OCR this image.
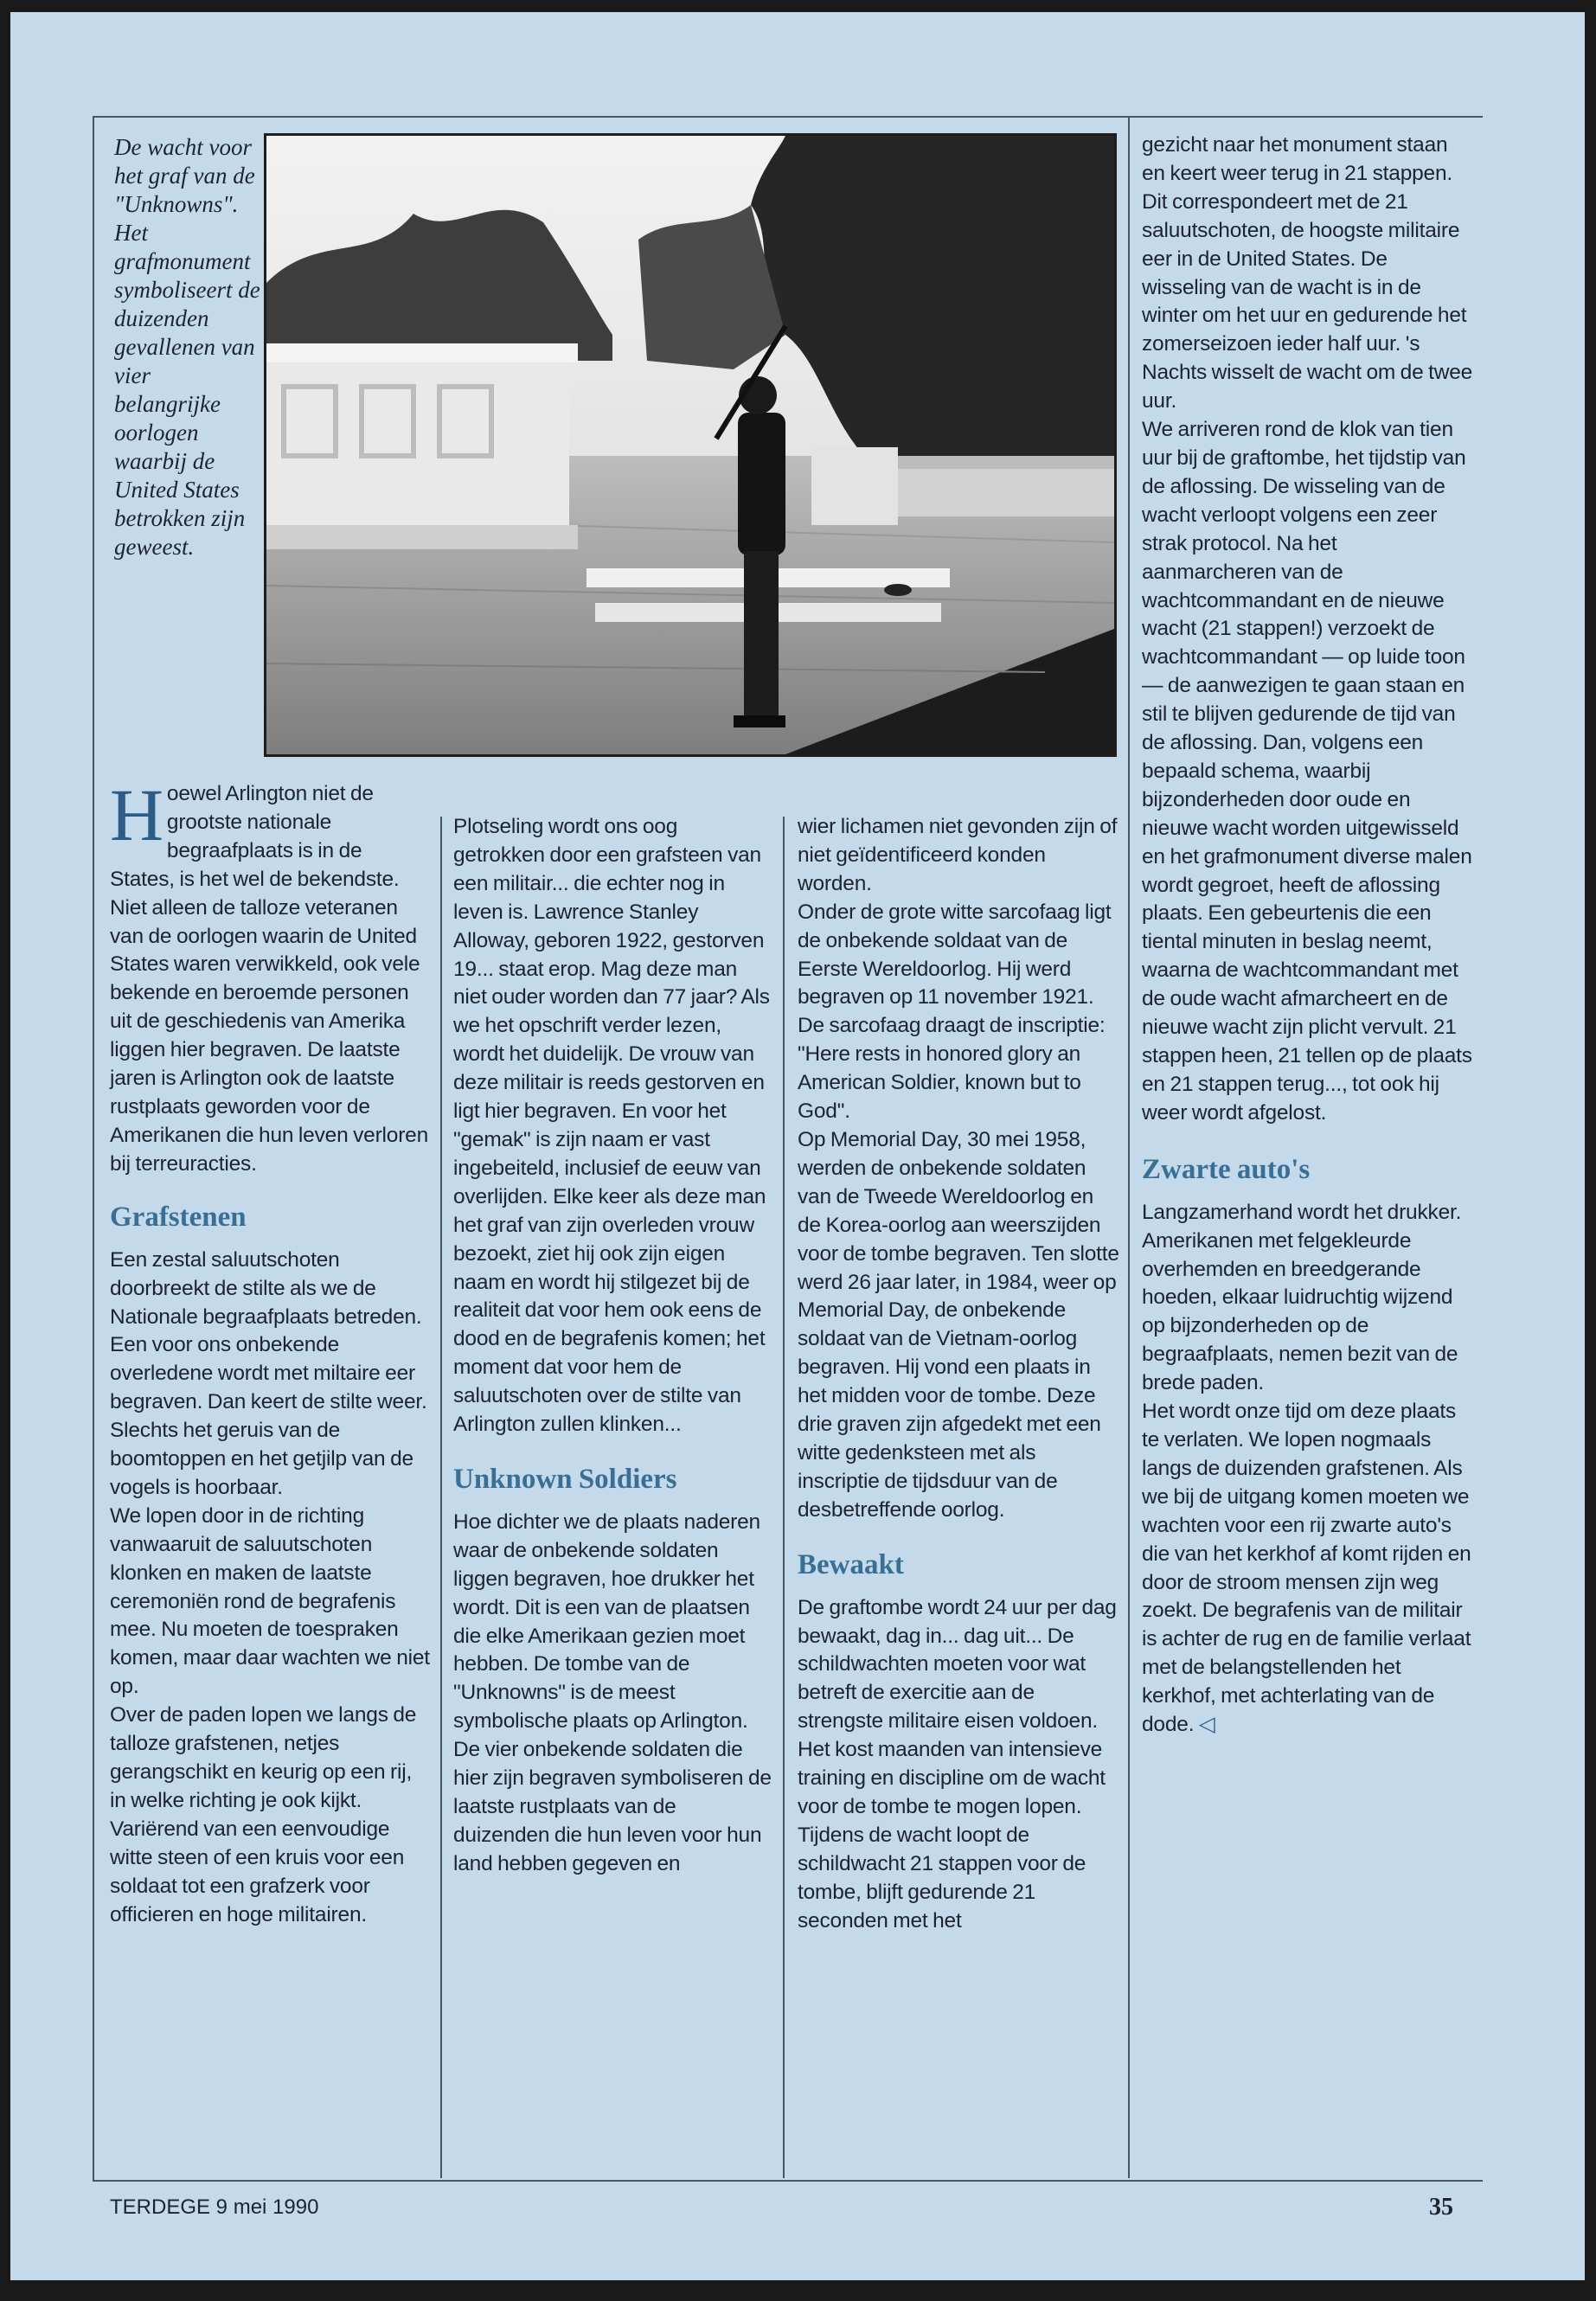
De wacht voor het graf van de "Unknowns". Het grafmonument symboliseert de duizenden gevallenen van vier belangrijke oorlogen waarbij de United States betrokken zijn geweest.

Hoewel Arlington niet de grootste nationale begraafplaats is in de States, is het wel de bekendste. Niet alleen de talloze veteranen van de oorlogen waarin de United States waren verwikkeld, ook vele bekende en beroemde personen uit de geschiedenis van Amerika liggen hier begraven. De laatste jaren is Arlington ook de laatste rustplaats geworden voor de Amerikanen die hun leven verloren bij terreuracties.

Grafstenen

Een zestal saluutschoten doorbreekt de stilte als we de Nationale begraafplaats betreden. Een voor ons onbekende overledene wordt met miltaire eer begraven. Dan keert de stilte weer. Slechts het geruis van de boomtoppen en het getjilp van de vogels is hoorbaar.

We lopen door in de richting vanwaaruit de saluutschoten klonken en maken de laatste ceremoniën rond de begrafenis mee. Nu moeten de toespraken komen, maar daar wachten we niet op.

Over de paden lopen we langs de talloze grafstenen, netjes gerangschikt en keurig op een rij, in welke richting je ook kijkt. Variërend van een eenvoudige witte steen of een kruis voor een soldaat tot een grafzerk voor officieren en hoge militairen.

Plotseling wordt ons oog getrokken door een grafsteen van een militair... die echter nog in leven is. Lawrence Stanley Alloway, geboren 1922, gestorven 19... staat erop. Mag deze man niet ouder worden dan 77 jaar? Als we het opschrift verder lezen, wordt het duidelijk. De vrouw van deze militair is reeds gestorven en ligt hier begraven. En voor het "gemak" is zijn naam er vast ingebeiteld, inclusief de eeuw van overlijden. Elke keer als deze man het graf van zijn overleden vrouw bezoekt, ziet hij ook zijn eigen naam en wordt hij stilgezet bij de realiteit dat voor hem ook eens de dood en de begrafenis komen; het moment dat voor hem de saluutschoten over de stilte van Arlington zullen klinken...

Unknown Soldiers

Hoe dichter we de plaats naderen waar de onbekende soldaten liggen begraven, hoe drukker het wordt. Dit is een van de plaatsen die elke Amerikaan gezien moet hebben. De tombe van de "Unknowns" is de meest symbolische plaats op Arlington. De vier onbekende soldaten die hier zijn begraven symboliseren de laatste rustplaats van de duizenden die hun leven voor hun land hebben gegeven en

wier lichamen niet gevonden zijn of niet geïdentificeerd konden worden.

Onder de grote witte sarcofaag ligt de onbekende soldaat van de Eerste Wereldoorlog. Hij werd begraven op 11 november 1921. De sarcofaag draagt de inscriptie: "Here rests in honored glory an American Soldier, known but to God".

Op Memorial Day, 30 mei 1958, werden de onbekende soldaten van de Tweede Wereldoorlog en de Korea-oorlog aan weerszijden voor de tombe begraven. Ten slotte werd 26 jaar later, in 1984, weer op Memorial Day, de onbekende soldaat van de Vietnam-oorlog begraven. Hij vond een plaats in het midden voor de tombe. Deze drie graven zijn afgedekt met een witte gedenksteen met als inscriptie de tijdsduur van de desbetreffende oorlog.

Bewaakt

De graftombe wordt 24 uur per dag bewaakt, dag in... dag uit... De schildwachten moeten voor wat betreft de exercitie aan de strengste militaire eisen voldoen. Het kost maanden van intensieve training en discipline om de wacht voor de tombe te mogen lopen.

Tijdens de wacht loopt de schildwacht 21 stappen voor de tombe, blijft gedurende 21 seconden met het

gezicht naar het monument staan en keert weer terug in 21 stappen. Dit correspondeert met de 21 saluutschoten, de hoogste militaire eer in de United States. De wisseling van de wacht is in de winter om het uur en gedurende het zomerseizoen ieder half uur. 's Nachts wisselt de wacht om de twee uur.

We arriveren rond de klok van tien uur bij de graftombe, het tijdstip van de aflossing. De wisseling van de wacht verloopt volgens een zeer strak protocol. Na het aanmarcheren van de wachtcommandant en de nieuwe wacht (21 stappen!) verzoekt de wachtcommandant — op luide toon — de aanwezigen te gaan staan en stil te blijven gedurende de tijd van de aflossing. Dan, volgens een bepaald schema, waarbij bijzonderheden door oude en nieuwe wacht worden uitgewisseld en het grafmonument diverse malen wordt gegroet, heeft de aflossing plaats. Een gebeurtenis die een tiental minuten in beslag neemt, waarna de wachtcommandant met de oude wacht afmarcheert en de nieuwe wacht zijn plicht vervult. 21 stappen heen, 21 tellen op de plaats en 21 stappen terug..., tot ook hij weer wordt afgelost.

Zwarte auto's

Langzamerhand wordt het drukker. Amerikanen met felgekleurde overhemden en breedgerande hoeden, elkaar luidruchtig wijzend op bijzonderheden op de begraafplaats, nemen bezit van de brede paden.

Het wordt onze tijd om deze plaats te verlaten. We lopen nogmaals langs de duizenden grafstenen. Als we bij de uitgang komen moeten we wachten voor een rij zwarte auto's die van het kerkhof af komt rijden en door de stroom mensen zijn weg zoekt. De begrafenis van de militair is achter de rug en de familie verlaat met de belangstellenden het kerkhof, met achterlating van de dode. ◁

TERDEGE 9 mei 1990	35
